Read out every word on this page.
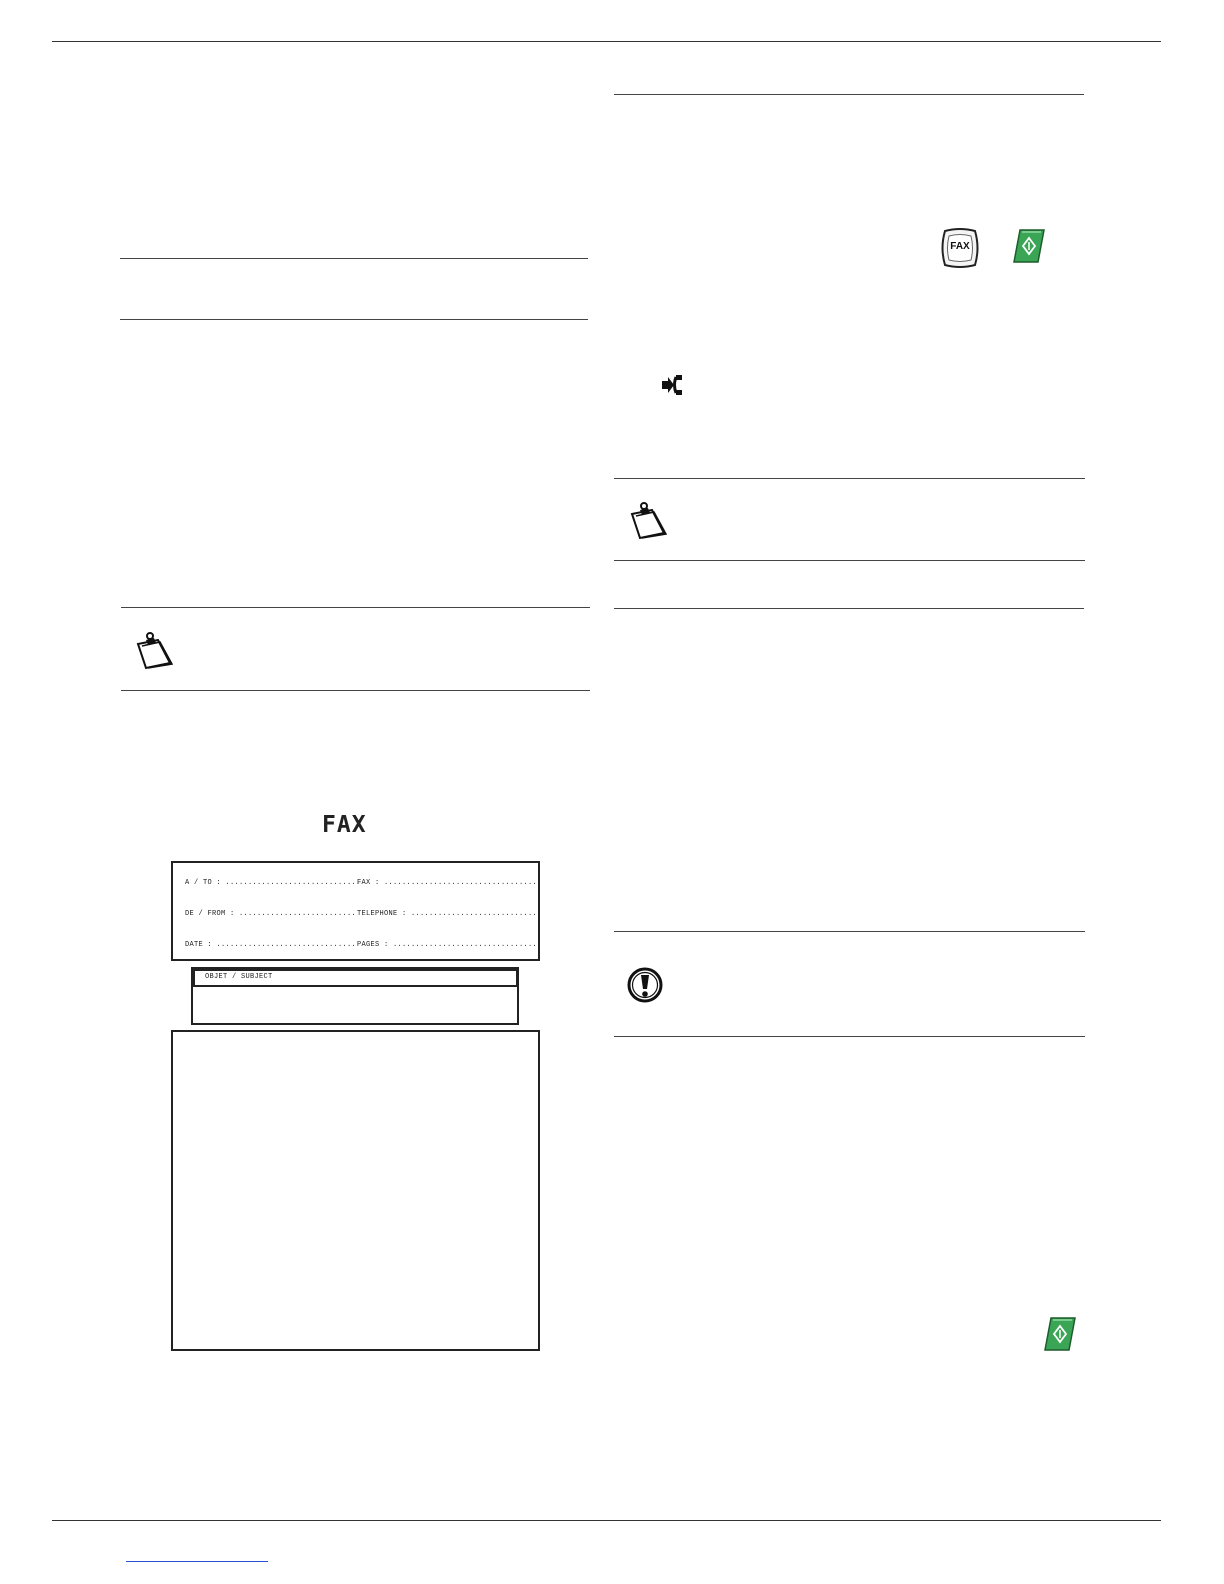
FAX
FAX
A / TO : ..............................
FAX : ..................................
DE / FROM : .......................... TELEPHONE : ............................
DATE : ............................... PAGES : ................................
OBJET / SUBJECT
